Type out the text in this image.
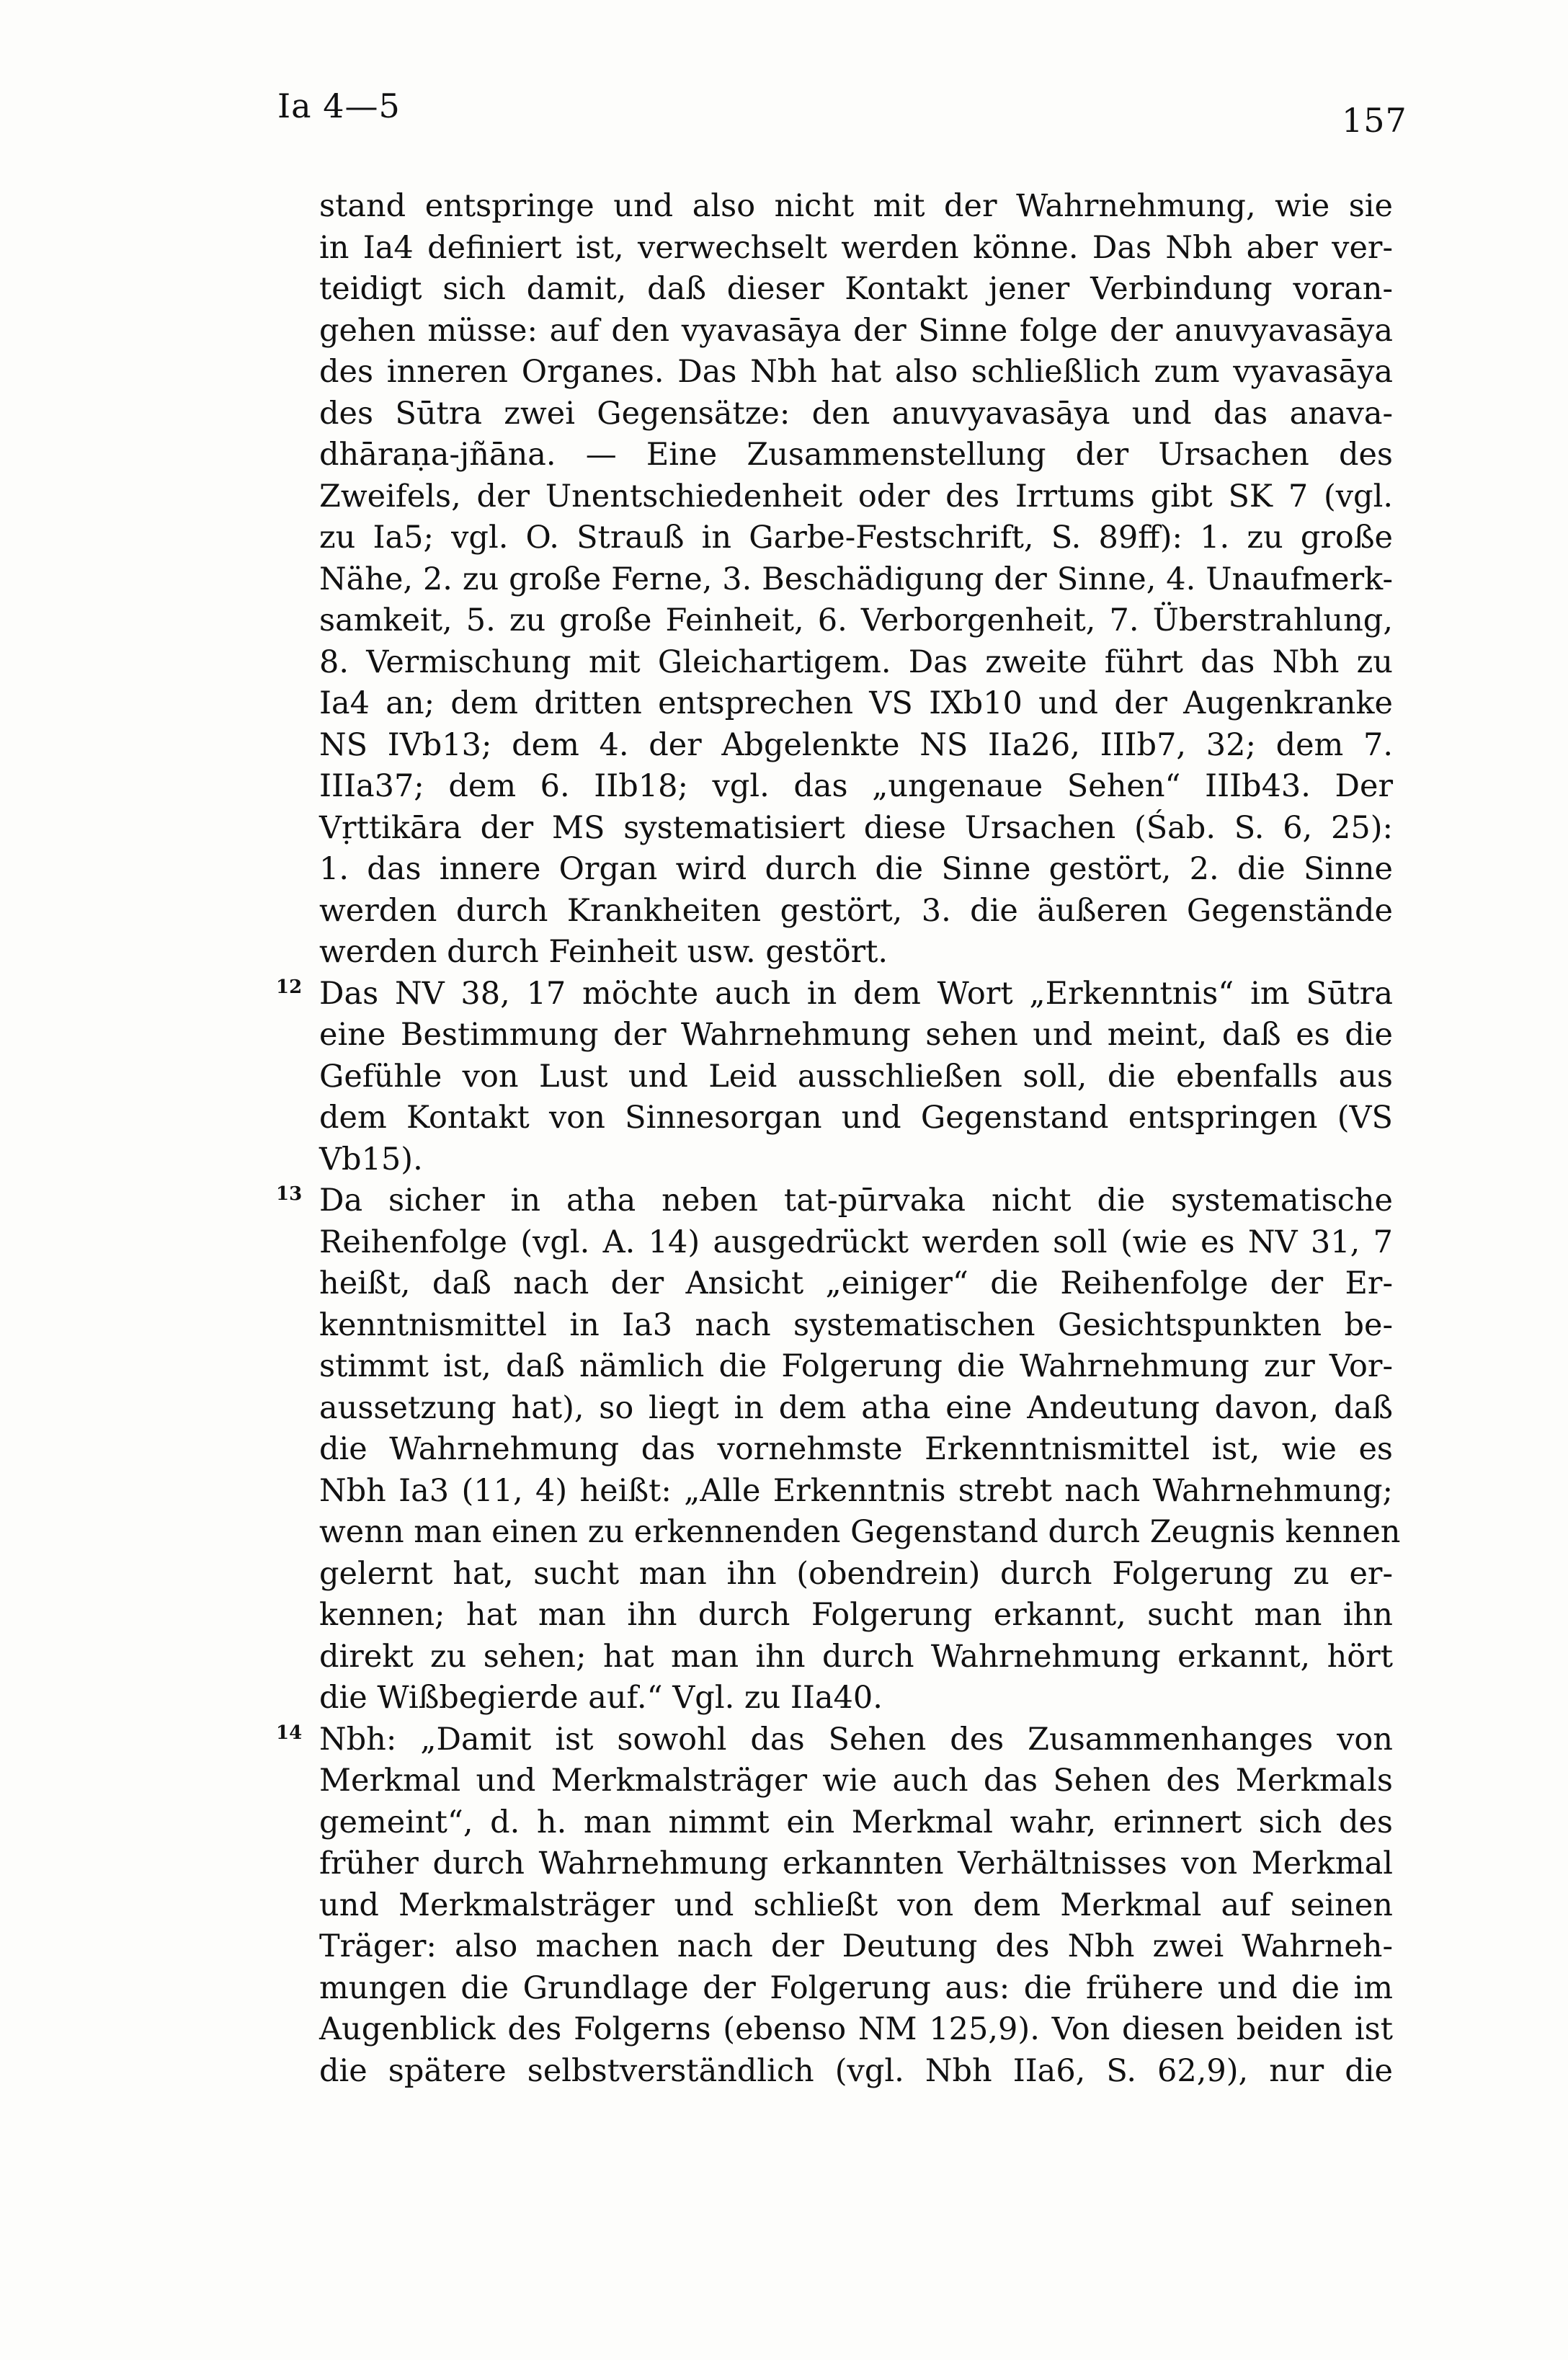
Ia 4—5	157
stand entspringe und also nicht mit der Wahrnehmung, wie sie
in Ia4 definiert ist, verwechselt werden könne. Das Nbh aber ver-
teidigt sich damit, daß dieser Kontakt jener Verbindung voran-
gehen müsse: auf den vyavasāya der Sinne folge der anuvyavasāya
des inneren Organes. Das Nbh hat also schließlich zum vyavasāya
des Sūtra zwei Gegensätze: den anuvyavasāya und das anava-
dhāraṇa-jñāna. — Eine Zusammenstellung der Ursachen des
Zweifels, der Unentschiedenheit oder des Irrtums gibt SK 7 (vgl.
zu Ia5; vgl. O. Strauß in Garbe-Festschrift, S. 89ff): 1. zu große
Nähe, 2. zu große Ferne, 3. Beschädigung der Sinne, 4. Unaufmerk-
samkeit, 5. zu große Feinheit, 6. Verborgenheit, 7. Überstrahlung,
8. Vermischung mit Gleichartigem. Das zweite führt das Nbh zu
Ia4 an; dem dritten entsprechen VS IXb10 und der Augenkranke
NS IVb13; dem 4. der Abgelenkte NS IIa26, IIIb7, 32; dem 7.
IIIa37; dem 6. IIb18; vgl. das „ungenaue Sehen“ IIIb43. Der
Vṛttikāra der MS systematisiert diese Ursachen (Śab. S. 6, 25):
1. das innere Organ wird durch die Sinne gestört, 2. die Sinne
werden durch Krankheiten gestört, 3. die äußeren Gegenstände
werden durch Feinheit usw. gestört.
12 Das NV 38, 17 möchte auch in dem Wort „Erkenntnis“ im Sūtra
eine Bestimmung der Wahrnehmung sehen und meint, daß es die
Gefühle von Lust und Leid ausschließen soll, die ebenfalls aus
dem Kontakt von Sinnesorgan und Gegenstand entspringen (VS
Vb15).
13 Da sicher in atha neben tat-pūrvaka nicht die systematische
Reihenfolge (vgl. A. 14) ausgedrückt werden soll (wie es NV 31, 7
heißt, daß nach der Ansicht „einiger“ die Reihenfolge der Er-
kenntnismittel in Ia3 nach systematischen Gesichtspunkten be-
stimmt ist, daß nämlich die Folgerung die Wahrnehmung zur Vor-
aussetzung hat), so liegt in dem atha eine Andeutung davon, daß
die Wahrnehmung das vornehmste Erkenntnismittel ist, wie es
Nbh Ia3 (11, 4) heißt: „Alle Erkenntnis strebt nach Wahrnehmung;
wenn man einen zu erkennenden Gegenstand durch Zeugnis kennen
gelernt hat, sucht man ihn (obendrein) durch Folgerung zu er-
kennen; hat man ihn durch Folgerung erkannt, sucht man ihn
direkt zu sehen; hat man ihn durch Wahrnehmung erkannt, hört
die Wißbegierde auf.“ Vgl. zu IIa40.
14 Nbh: „Damit ist sowohl das Sehen des Zusammenhanges von
Merkmal und Merkmalsträger wie auch das Sehen des Merkmals
gemeint“, d. h. man nimmt ein Merkmal wahr, erinnert sich des
früher durch Wahrnehmung erkannten Verhältnisses von Merkmal
und Merkmalsträger und schließt von dem Merkmal auf seinen
Träger: also machen nach der Deutung des Nbh zwei Wahrneh-
mungen die Grundlage der Folgerung aus: die frühere und die im
Augenblick des Folgerns (ebenso NM 125,9). Von diesen beiden ist
die spätere selbstverständlich (vgl. Nbh IIa6, S. 62,9), nur die
